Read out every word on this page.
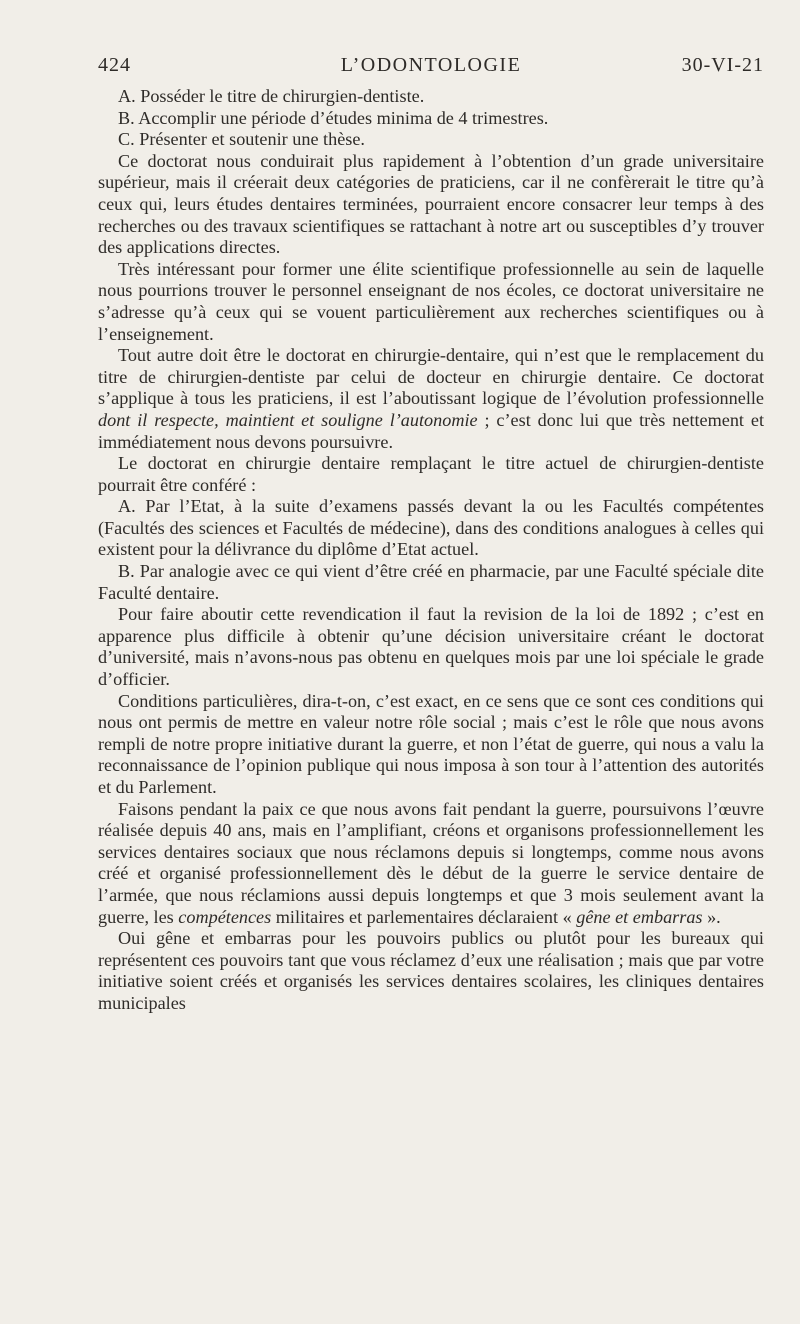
424	L’ODONTOLOGIE	30-VI-21

A. Posséder le titre de chirurgien-dentiste.

B. Accomplir une période d’études minima de 4 trimestres.

C. Présenter et soutenir une thèse.

Ce doctorat nous conduirait plus rapidement à l’obtention d’un grade universitaire supérieur, mais il créerait deux catégories de praticiens, car il ne confèrerait le titre qu’à ceux qui, leurs études dentaires terminées, pourraient encore consacrer leur temps à des recherches ou des travaux scientifiques se rattachant à notre art ou susceptibles d’y trouver des applications directes.

Très intéressant pour former une élite scientifique professionnelle au sein de laquelle nous pourrions trouver le personnel enseignant de nos écoles, ce doctorat universitaire ne s’adresse qu’à ceux qui se vouent particulièrement aux recherches scientifiques ou à l’enseignement.

Tout autre doit être le doctorat en chirurgie-dentaire, qui n’est que le remplacement du titre de chirurgien-dentiste par celui de docteur en chirurgie dentaire. Ce doctorat s’applique à tous les praticiens, il est l’aboutissant logique de l’évolution professionnelle dont il respecte, maintient et souligne l’autonomie ; c’est donc lui que très nettement et immédiatement nous devons poursuivre.

Le doctorat en chirurgie dentaire remplaçant le titre actuel de chirurgien-dentiste pourrait être conféré :

A. Par l’Etat, à la suite d’examens passés devant la ou les Facultés compétentes (Facultés des sciences et Facultés de médecine), dans des conditions analogues à celles qui existent pour la délivrance du diplôme d’Etat actuel.

B. Par analogie avec ce qui vient d’être créé en pharmacie, par une Faculté spéciale dite Faculté dentaire.

Pour faire aboutir cette revendication il faut la revision de la loi de 1892 ; c’est en apparence plus difficile à obtenir qu’une décision universitaire créant le doctorat d’université, mais n’avons-nous pas obtenu en quelques mois par une loi spéciale le grade d’officier.

Conditions particulières, dira-t-on, c’est exact, en ce sens que ce sont ces conditions qui nous ont permis de mettre en valeur notre rôle social ; mais c’est le rôle que nous avons rempli de notre propre initiative durant la guerre, et non l’état de guerre, qui nous a valu la reconnaissance de l’opinion publique qui nous imposa à son tour à l’attention des autorités et du Parlement.

Faisons pendant la paix ce que nous avons fait pendant la guerre, poursuivons l’œuvre réalisée depuis 40 ans, mais en l’amplifiant, créons et organisons professionnellement les services dentaires sociaux que nous réclamons depuis si longtemps, comme nous avons créé et organisé professionnellement dès le début de la guerre le service dentaire de l’armée, que nous réclamions aussi depuis longtemps et que 3 mois seulement avant la guerre, les compétences militaires et parlementaires déclaraient « gêne et embarras ».

Oui gêne et embarras pour les pouvoirs publics ou plutôt pour les bureaux qui représentent ces pouvoirs tant que vous réclamez d’eux une réalisation ; mais que par votre initiative soient créés et organisés les services dentaires scolaires, les cliniques dentaires municipales
